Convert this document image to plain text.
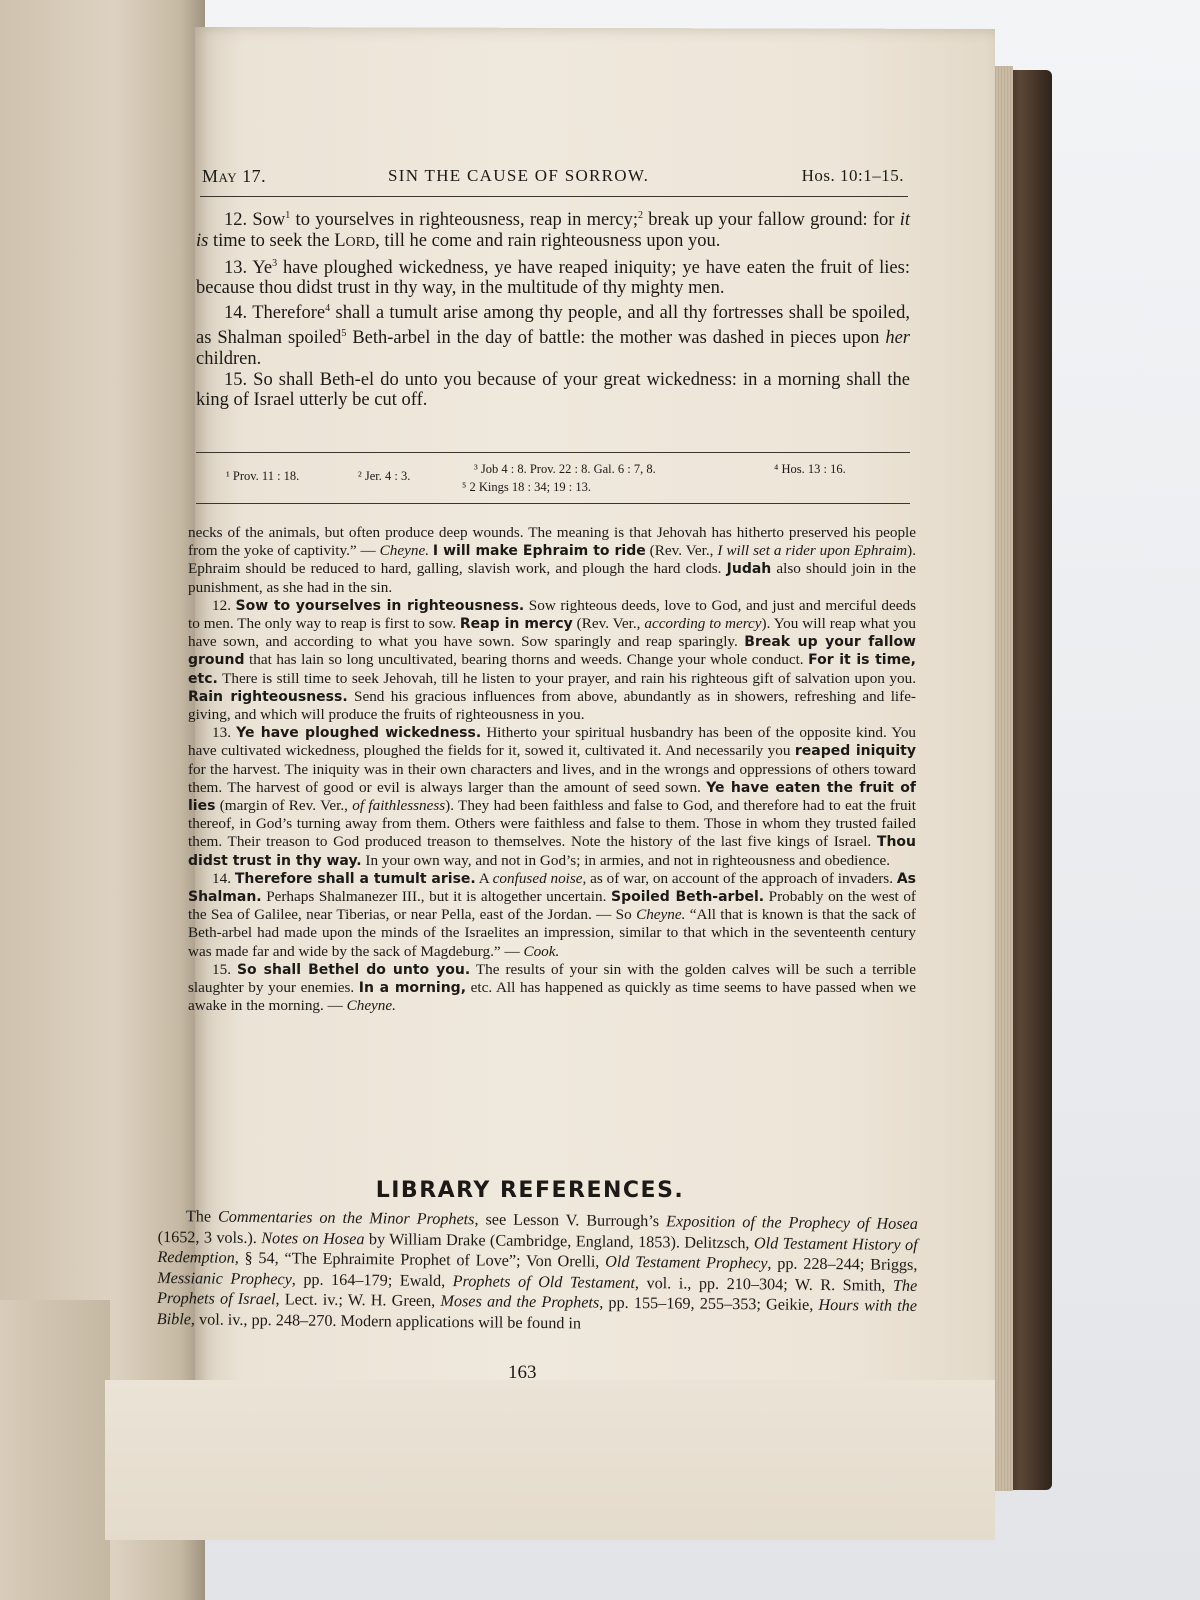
May 17.	SIN THE CAUSE OF SORROW.	Hos. 10:1–15.

12. Sow$^1$ to yourselves in righteousness, reap in mercy;$^2$ break up your fallow ground: for it is time to seek the LORD, till he come and rain righteousness upon you.

13. Ye$^3$ have ploughed wickedness, ye have reaped iniquity; ye have eaten the fruit of lies: because thou didst trust in thy way, in the multitude of thy mighty men.

14. Therefore$^4$ shall a tumult arise among thy people, and all thy fortresses shall be spoiled, as Shalman spoiled$^5$ Beth-arbel in the day of battle: the mother was dashed in pieces upon her children.

15. So shall Beth-el do unto you because of your great wickedness: in a morning shall the king of Israel utterly be cut off.

¹ Prov. 11 : 18.	² Jer. 4 : 3.	³ Job 4 : 8. Prov. 22 : 8. Gal. 6 : 7, 8.	⁴ Hos. 13 : 16.
⁵ 2 Kings 18 : 34; 19 : 13.

necks of the animals, but often produce deep wounds. The meaning is that Jehovah has hitherto preserved his people from the yoke of captivity.” — Cheyne. I will make Ephraim to ride (Rev. Ver., I will set a rider upon Ephraim). Ephraim should be reduced to hard, galling, slavish work, and plough the hard clods. Judah also should join in the punishment, as she had in the sin.

12. Sow to yourselves in righteousness. Sow righteous deeds, love to God, and just and merciful deeds to men. The only way to reap is first to sow. Reap in mercy (Rev. Ver., according to mercy). You will reap what you have sown, and according to what you have sown. Sow sparingly and reap sparingly. Break up your fallow ground that has lain so long uncultivated, bearing thorns and weeds. Change your whole conduct. For it is time, etc. There is still time to seek Jehovah, till he listen to your prayer, and rain his righteous gift of salvation upon you. Rain righteousness. Send his gracious influences from above, abundantly as in showers, refreshing and life-giving, and which will produce the fruits of righteousness in you.

13. Ye have ploughed wickedness. Hitherto your spiritual husbandry has been of the opposite kind. You have cultivated wickedness, ploughed the fields for it, sowed it, cultivated it. And necessarily you reaped iniquity for the harvest. The iniquity was in their own characters and lives, and in the wrongs and oppressions of others toward them. The harvest of good or evil is always larger than the amount of seed sown. Ye have eaten the fruit of lies (margin of Rev. Ver., of faithlessness). They had been faithless and false to God, and therefore had to eat the fruit thereof, in God’s turning away from them. Others were faithless and false to them. Those in whom they trusted failed them. Their treason to God produced treason to themselves. Note the history of the last five kings of Israel. Thou didst trust in thy way. In your own way, and not in God’s; in armies, and not in righteousness and obedience.

14. Therefore shall a tumult arise. A confused noise, as of war, on account of the approach of invaders. As Shalman. Perhaps Shalmanezer III., but it is altogether uncertain. Spoiled Beth-arbel. Probably on the west of the Sea of Galilee, near Tiberias, or near Pella, east of the Jordan. — So Cheyne. “All that is known is that the sack of Beth-arbel had made upon the minds of the Israelites an impression, similar to that which in the seventeenth century was made far and wide by the sack of Magdeburg.” — Cook.

15. So shall Bethel do unto you. The results of your sin with the golden calves will be such a terrible slaughter by your enemies. In a morning, etc. All has happened as quickly as time seems to have passed when we awake in the morning. — Cheyne.

LIBRARY REFERENCES.

The Commentaries on the Minor Prophets, see Lesson V. Burrough’s Exposition of the Prophecy of Hosea (1652, 3 vols.). Notes on Hosea by William Drake (Cambridge, England, 1853). Delitzsch, Old Testament History of Redemption, § 54, “The Ephraimite Prophet of Love”; Von Orelli, Old Testament Prophecy, pp. 228–244; Briggs, Messianic Prophecy, pp. 164–179; Ewald, Prophets of Old Testament, vol. i., pp. 210–304; W. R. Smith, The Prophets of Israel, Lect. iv.; W. H. Green, Moses and the Prophets, pp. 155–169, 255–353; Geikie, Hours with the Bible, vol. iv., pp. 248–270. Modern applications will be found in

163
